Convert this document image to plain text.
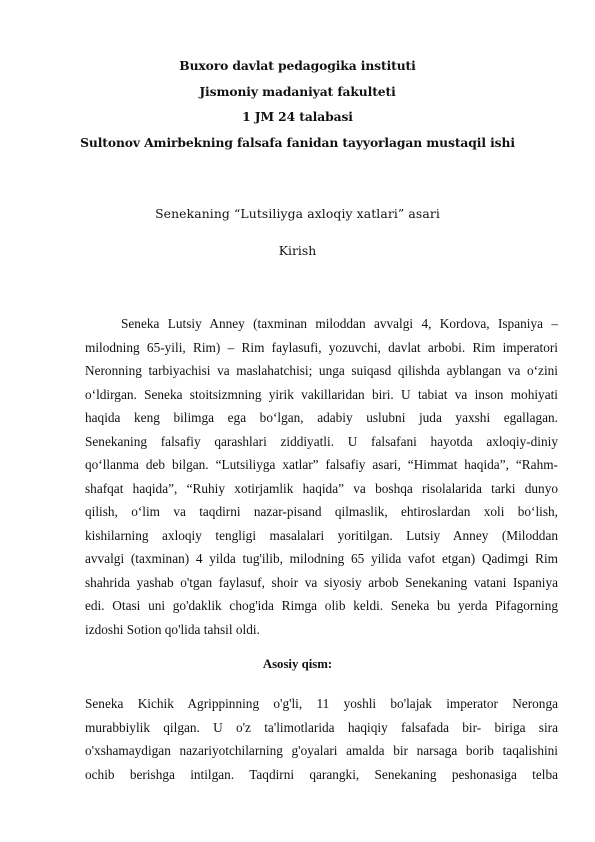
Buxoro davlat pedagogika instituti
Jismoniy madaniyat fakulteti
1 JM 24 talabasi
Sultonov Amirbekning falsafa fanidan tayyorlagan mustaqil ishi
Senekaning “Lutsiliyga axloqiy xatlari” asari
Kirish
Seneka Lutsiy Anney (taxminan miloddan avvalgi 4, Kordova, Ispaniya –
milodning 65-yili, Rim) – Rim faylasufi, yozuvchi, davlat arbobi. Rim imperatori
Neronning tarbiyachisi va maslahatchisi; unga suiqasd qilishda ayblangan va o‘zini
o‘ldirgan. Seneka stoitsizmning yirik vakillaridan biri. U tabiat va inson mohiyati
haqida keng bilimga ega bo‘lgan, adabiy uslubni juda yaxshi egallagan.
Senekaning falsafiy qarashlari ziddiyatli. U falsafani hayotda axloqiy-diniy
qo‘llanma deb bilgan. “Lutsiliyga xatlar” falsafiy asari, “Himmat haqida”, “Rahm-
shafqat haqida”, “Ruhiy xotirjamlik haqida” va boshqa risolalarida tarki dunyo
qilish, o‘lim va taqdirni nazar-pisand qilmaslik, ehtiroslardan xoli bo‘lish,
kishilarning axloqiy tengligi masalalari yoritilgan. Lutsiy Anney (Miloddan
avvalgi (taxminan) 4 yilda tug'ilib, milodning 65 yilida vafot etgan) Qadimgi Rim
shahrida yashab o'tgan faylasuf, shoir va siyosiy arbob Senekaning vatani Ispaniya
edi. Otasi uni go'daklik chog'ida Rimga olib keldi. Seneka bu yerda Pifagorning
izdoshi Sotion qo'lida tahsil oldi.
Asosiy qism:
Seneka Kichik Agrippinning o'g'li, 11 yoshli bo'lajak imperator Neronga
murabbiylik qilgan. U o'z ta'limotlarida haqiqiy falsafada bir- biriga sira
o'xshamaydigan nazariyotchilarning g'oyalari amalda bir narsaga borib taqalishini
ochib berishga intilgan. Taqdirni qarangki, Senekaning peshonasiga telba
